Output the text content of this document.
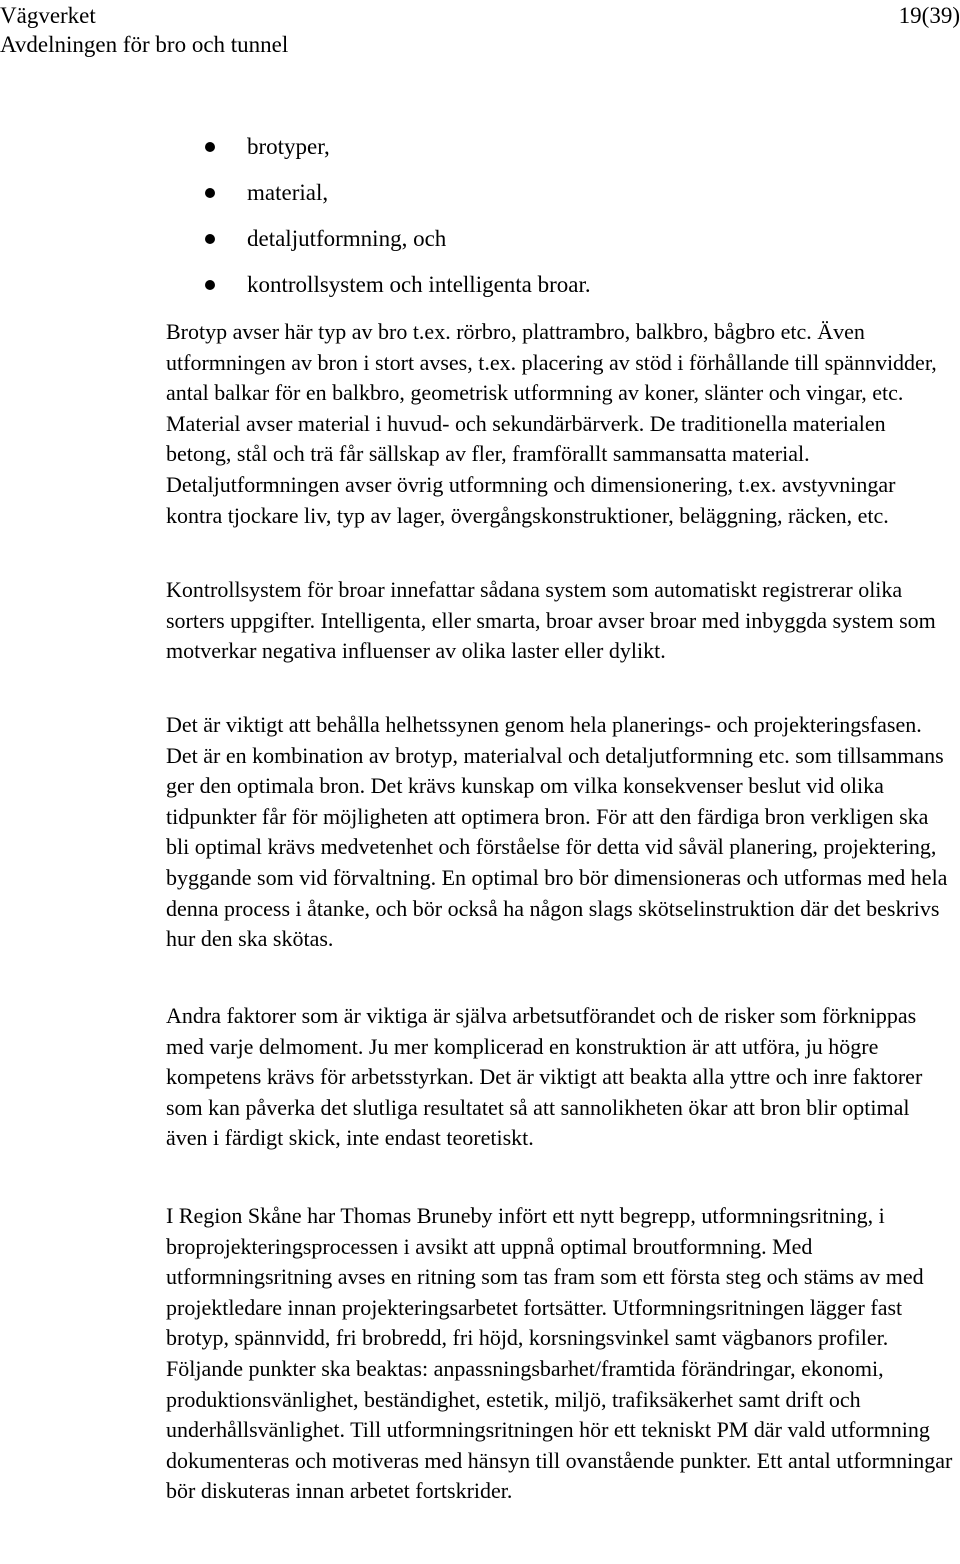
Vägverket
Avdelningen för bro och tunnel
19(39)
brotyper,
material,
detaljutformning, och
kontrollsystem och intelligenta broar.

Brotyp avser här typ av bro t.ex. rörbro, plattrambro, balkbro, bågbro etc. Även utformningen av bron i stort avses, t.ex. placering av stöd i förhållande till spännvidder, antal balkar för en balkbro, geometrisk utformning av koner, slänter och vingar, etc. Material avser material i huvud- och sekundärbärverk. De traditionella materialen betong, stål och trä får sällskap av fler, framförallt sammansatta material. Detaljutformningen avser övrig utformning och dimensionering, t.ex. avstyvningar kontra tjockare liv, typ av lager, övergångskonstruktioner, beläggning, räcken, etc.

Kontrollsystem för broar innefattar sådana system som automatiskt registrerar olika sorters uppgifter. Intelligenta, eller smarta, broar avser broar med inbyggda system som motverkar negativa influenser av olika laster eller dylikt.

Det är viktigt att behålla helhetssynen genom hela planerings- och projekteringsfasen. Det är en kombination av brotyp, materialval och detaljutformning etc. som tillsammans ger den optimala bron. Det krävs kunskap om vilka konsekvenser beslut vid olika tidpunkter får för möjligheten att optimera bron. För att den färdiga bron verkligen ska bli optimal krävs medvetenhet och förståelse för detta vid såväl planering, projektering, byggande som vid förvaltning. En optimal bro bör dimensioneras och utformas med hela denna process i åtanke, och bör också ha någon slags skötselinstruktion där det beskrivs hur den ska skötas.

Andra faktorer som är viktiga är själva arbetsutförandet och de risker som förknippas med varje delmoment. Ju mer komplicerad en konstruktion är att utföra, ju högre kompetens krävs för arbetsstyrkan. Det är viktigt att beakta alla yttre och inre faktorer som kan påverka det slutliga resultatet så att sannolikheten ökar att bron blir optimal även i färdigt skick, inte endast teoretiskt.

I Region Skåne har Thomas Bruneby infört ett nytt begrepp, utformningsritning, i broprojekteringsprocessen i avsikt att uppnå optimal broutformning. Med utformningsritning avses en ritning som tas fram som ett första steg och stäms av med projektledare innan projekteringsarbetet fortsätter. Utformningsritningen lägger fast brotyp, spännvidd, fri brobredd, fri höjd, korsningsvinkel samt vägbanors profiler. Följande punkter ska beaktas: anpassningsbarhet/framtida förändringar, ekonomi, produktionsvänlighet, beständighet, estetik, miljö, trafiksäkerhet samt drift och underhållsvänlighet. Till utformningsritningen hör ett tekniskt PM där vald utformning dokumenteras och motiveras med hänsyn till ovanstående punkter. Ett antal utformningar bör diskuteras innan arbetet fortskrider.
